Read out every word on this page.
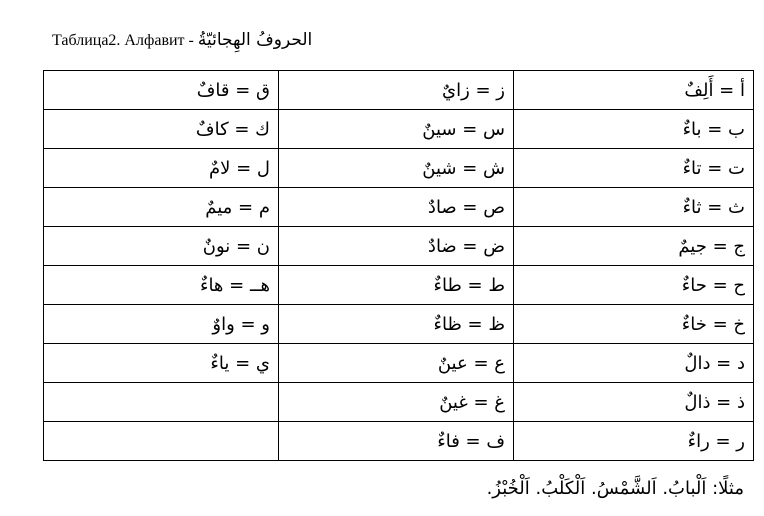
Таблица2. Алфавит - الحروفُ الهِجائيّةُ
أ = أَلِفٌ	ز = زايٌ	ق = قافٌ
ب = باءٌ	س = سينٌ	ك = كافٌ
ت = تاءٌ	ش = شينٌ	ل = لامٌ
ث = ثاءٌ	ص = صادٌ	م = ميمٌ
ج = جيمٌ	ض = ضادٌ	ن = نونٌ
ح = حاءٌ	ط = طاءٌ	هــ = هاءٌ
خ = خاءٌ	ظ = ظاءٌ	و = واوٌ
د = دالٌ	ع = عينٌ	ي = ياءٌ
ذ = ذالٌ	غ = غينٌ	
ر = راءٌ	ف = فاءٌ	
مثلًا: اَلْبابُ. اَلشَّمْسُ. اَلْكَلْبُ. اَلْخُبْزُ.
